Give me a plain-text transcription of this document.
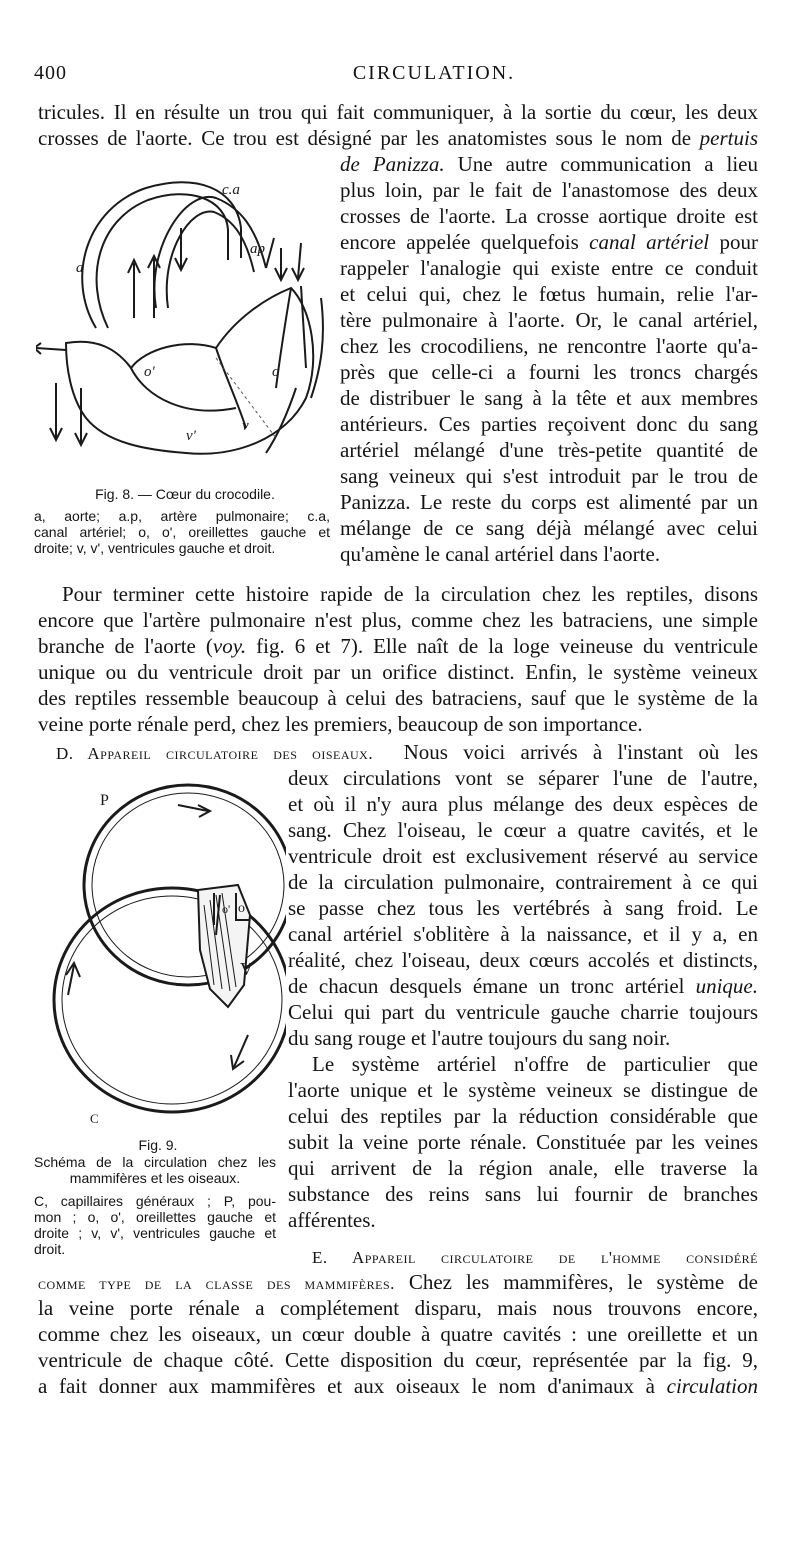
400	CIRCULATION.
tricules. Il en résulte un trou qui fait communiquer, à la sortie du cœur, les deux
crosses de l'aorte. Ce trou est désigné par les anatomistes sous le nom de pertuis
c.a
ap
a
o'	o
v'
v
Fig. 8. — Cœur du crocodile.
a, aorte; a.p, artère pulmonaire; c.a,
canal artériel; o, o', oreillettes gauche et
droite; v, v', ventricules gauche et droit.
de Panizza. Une autre communication a lieu
plus loin, par le fait de l'anastomose des deux
crosses de l'aorte. La crosse aortique droite est
encore appelée quelquefois canal artériel pour
rappeler l'analogie qui existe entre ce conduit
et celui qui, chez le fœtus humain, relie l'ar-
tère pulmonaire à l'aorte. Or, le canal artériel,
chez les crocodiliens, ne rencontre l'aorte qu'a-
près que celle-ci a fourni les troncs chargés
de distribuer le sang à la tête et aux membres
antérieurs. Ces parties reçoivent donc du sang
artériel mélangé d'une très-petite quantité de
sang veineux qui s'est introduit par le trou de
Panizza. Le reste du corps est alimenté par un
mélange de ce sang déjà mélangé avec celui
qu'amène le canal artériel dans l'aorte.
Pour terminer cette histoire rapide de la circulation chez les reptiles, disons
encore que l'artère pulmonaire n'est plus, comme chez les batraciens, une simple
branche de l'aorte (voy. fig. 6 et 7). Elle naît de la loge veineuse du ventricule
unique ou du ventricule droit par un orifice distinct. Enfin, le système veineux
des reptiles ressemble beaucoup à celui des batraciens, sauf que le système de la
veine porte rénale perd, chez les premiers, beaucoup de son importance.
D. Appareil circulatoire des oiseaux. Nous voici arrivés à l'instant où les
P
o' o
V
C
Fig. 9.
Schéma de la circulation chez les
mammifères et les oiseaux.
C, capillaires généraux ; P, pou-
mon ; o, o', oreillettes gauche et
droite ; v, v', ventricules gauche et
droit.
deux circulations vont se séparer l'une de l'autre,
et où il n'y aura plus mélange des deux espèces de
sang. Chez l'oiseau, le cœur a quatre cavités, et le
ventricule droit est exclusivement réservé au service
de la circulation pulmonaire, contrairement à ce qui
se passe chez tous les vertébrés à sang froid. Le
canal artériel s'oblitère à la naissance, et il y a, en
réalité, chez l'oiseau, deux cœurs accolés et distincts,
de chacun desquels émane un tronc artériel unique.
Celui qui part du ventricule gauche charrie toujours
du sang rouge et l'autre toujours du sang noir.
Le système artériel n'offre de particulier que
l'aorte unique et le système veineux se distingue de
celui des reptiles par la réduction considérable que
subit la veine porte rénale. Constituée par les veines
qui arrivent de la région anale, elle traverse la
substance des reins sans lui fournir de branches
afférentes.
E. Appareil circulatoire de l'homme considéré
comme type de la classe des mammifères. Chez les mammifères, le système de
la veine porte rénale a complétement disparu, mais nous trouvons encore,
comme chez les oiseaux, un cœur double à quatre cavités : une oreillette et un
ventricule de chaque côté. Cette disposition du cœur, représentée par la fig. 9,
a fait donner aux mammifères et aux oiseaux le nom d'animaux à circulation
